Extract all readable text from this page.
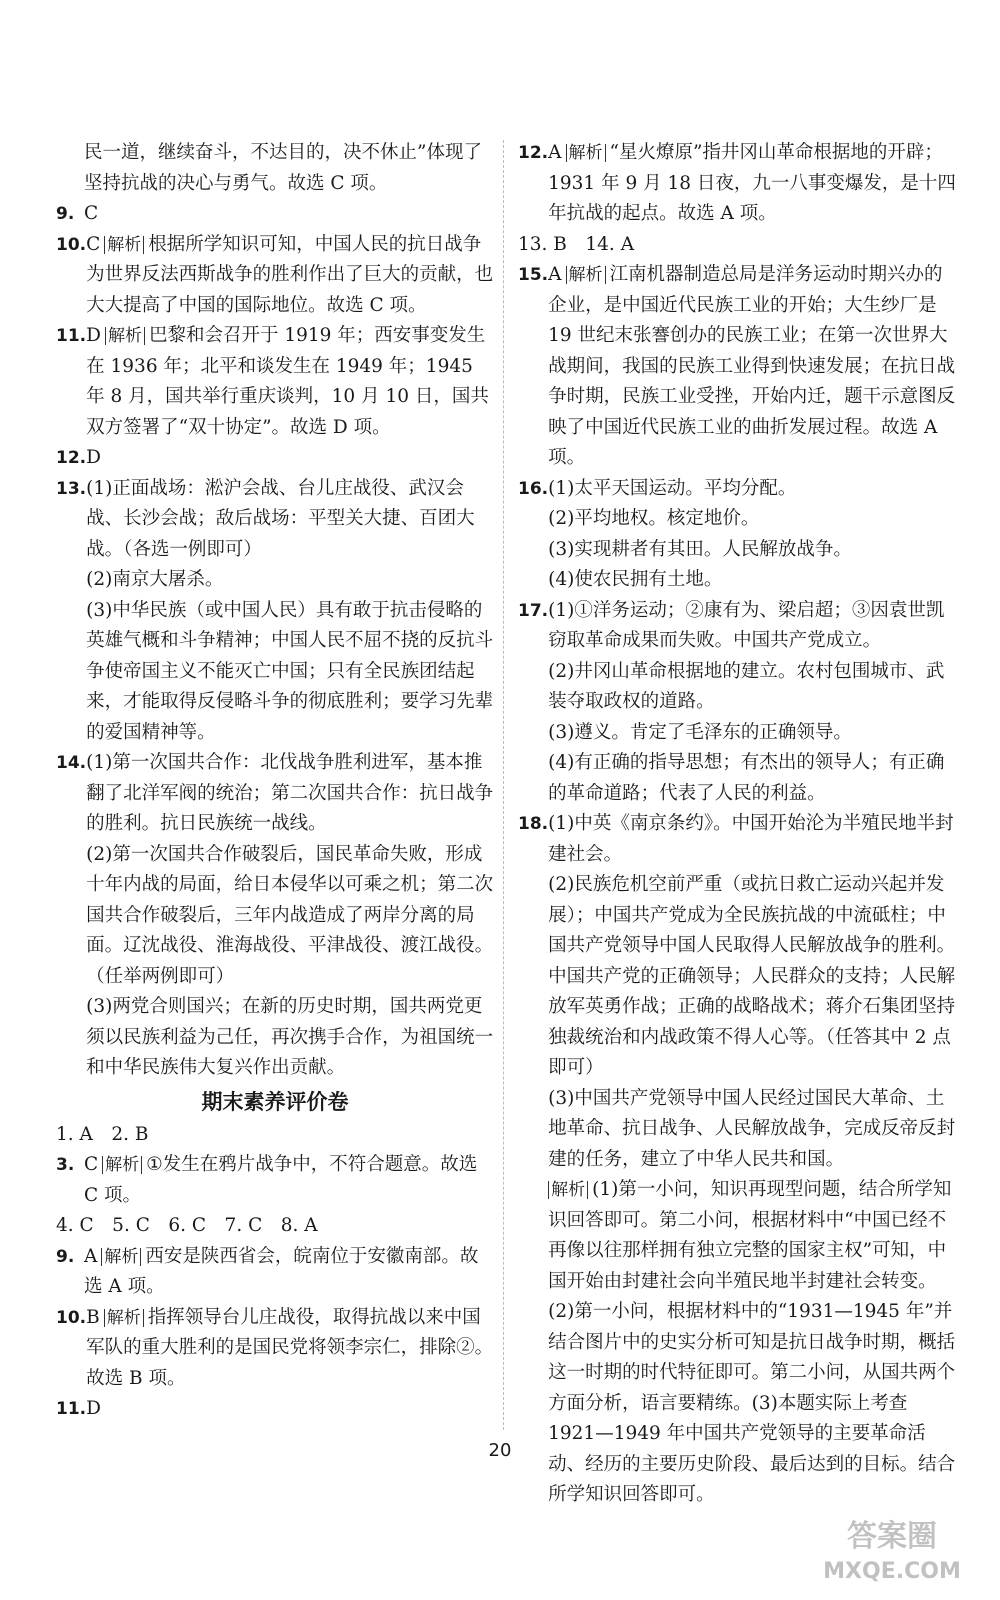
民一道，继续奋斗，不达目的，决不休止”体现了坚持抗战的决心与勇气。故选 C 项。

9. C
10. C 解析 根据所学知识可知，中国人民的抗日战争为世界反法西斯战争的胜利作出了巨大的贡献，也大大提高了中国的国际地位。故选 C 项。
11. D 解析 巴黎和会召开于 1919 年；西安事变发生在 1936 年；北平和谈发生在 1949 年；1945 年 8 月，国共举行重庆谈判，10 月 10 日，国共双方签署了“双十协定”。故选 D 项。
12. D
13. (1)正面战场：淞沪会战、台儿庄战役、武汉会战、长沙会战；敌后战场：平型关大捷、百团大战。（各选一例即可）
(2)南京大屠杀。
(3)中华民族（或中国人民）具有敢于抗击侵略的英雄气概和斗争精神；中国人民不屈不挠的反抗斗争使帝国主义不能灭亡中国；只有全民族团结起来，才能取得反侵略斗争的彻底胜利；要学习先辈的爱国精神等。
14. (1)第一次国共合作：北伐战争胜利进军，基本推翻了北洋军阀的统治；第二次国共合作：抗日战争的胜利。抗日民族统一战线。
(2)第一次国共合作破裂后，国民革命失败，形成十年内战的局面，给日本侵华以可乘之机；第二次国共合作破裂后，三年内战造成了两岸分离的局面。辽沈战役、淮海战役、平津战役、渡江战役。（任举两例即可）
(3)两党合则国兴；在新的历史时期，国共两党更须以民族利益为己任，再次携手合作，为祖国统一和中华民族伟大复兴作出贡献。

期末素养评价卷

1. A　2. B

3. C 解析 ①发生在鸦片战争中，不符合题意。故选 C 项。

4. C　5. C　6. C　7. C　8. A

9. A 解析 西安是陕西省会，皖南位于安徽南部。故选 A 项。
10. B 解析 指挥领导台儿庄战役，取得抗战以来中国军队的重大胜利的是国民党将领李宗仁，排除②。故选 B 项。
11. D
12. A 解析 “星火燎原”指井冈山革命根据地的开辟；1931 年 9 月 18 日夜，九一八事变爆发，是十四年抗战的起点。故选 A 项。

13. B　14. A

15. A 解析 江南机器制造总局是洋务运动时期兴办的企业，是中国近代民族工业的开始；大生纱厂是 19 世纪末张謇创办的民族工业；在第一次世界大战期间，我国的民族工业得到快速发展；在抗日战争时期，民族工业受挫，开始内迁，题干示意图反映了中国近代民族工业的曲折发展过程。故选 A 项。
16. (1)太平天国运动。平均分配。
(2)平均地权。核定地价。
(3)实现耕者有其田。人民解放战争。
(4)使农民拥有土地。
17. (1)①洋务运动；②康有为、梁启超；③因袁世凯窃取革命成果而失败。中国共产党成立。
(2)井冈山革命根据地的建立。农村包围城市、武装夺取政权的道路。
(3)遵义。肯定了毛泽东的正确领导。
(4)有正确的指导思想；有杰出的领导人；有正确的革命道路；代表了人民的利益。
18. (1)中英《南京条约》。中国开始沦为半殖民地半封建社会。
(2)民族危机空前严重（或抗日救亡运动兴起并发展）；中国共产党成为全民族抗战的中流砥柱；中国共产党领导中国人民取得人民解放战争的胜利。中国共产党的正确领导；人民群众的支持；人民解放军英勇作战；正确的战略战术；蒋介石集团坚持独裁统治和内战政策不得人心等。（任答其中 2 点即可）
(3)中国共产党领导中国人民经过国民大革命、土地革命、抗日战争、人民解放战争，完成反帝反封建的任务，建立了中华人民共和国。
解析 (1)第一小问，知识再现型问题，结合所学知识回答即可。第二小问，根据材料中“中国已经不再像以往那样拥有独立完整的国家主权”可知，中国开始由封建社会向半殖民地半封建社会转变。(2)第一小问，根据材料中的“1931—1945 年”并结合图片中的史实分析可知是抗日战争时期，概括这一时期的时代特征即可。第二小问，从国共两个方面分析，语言要精练。(3)本题实际上考查 1921—1949 年中国共产党领导的主要革命活动、经历的主要历史阶段、最后达到的目标。结合所学知识回答即可。
20
答案圈
MXQE.COM
